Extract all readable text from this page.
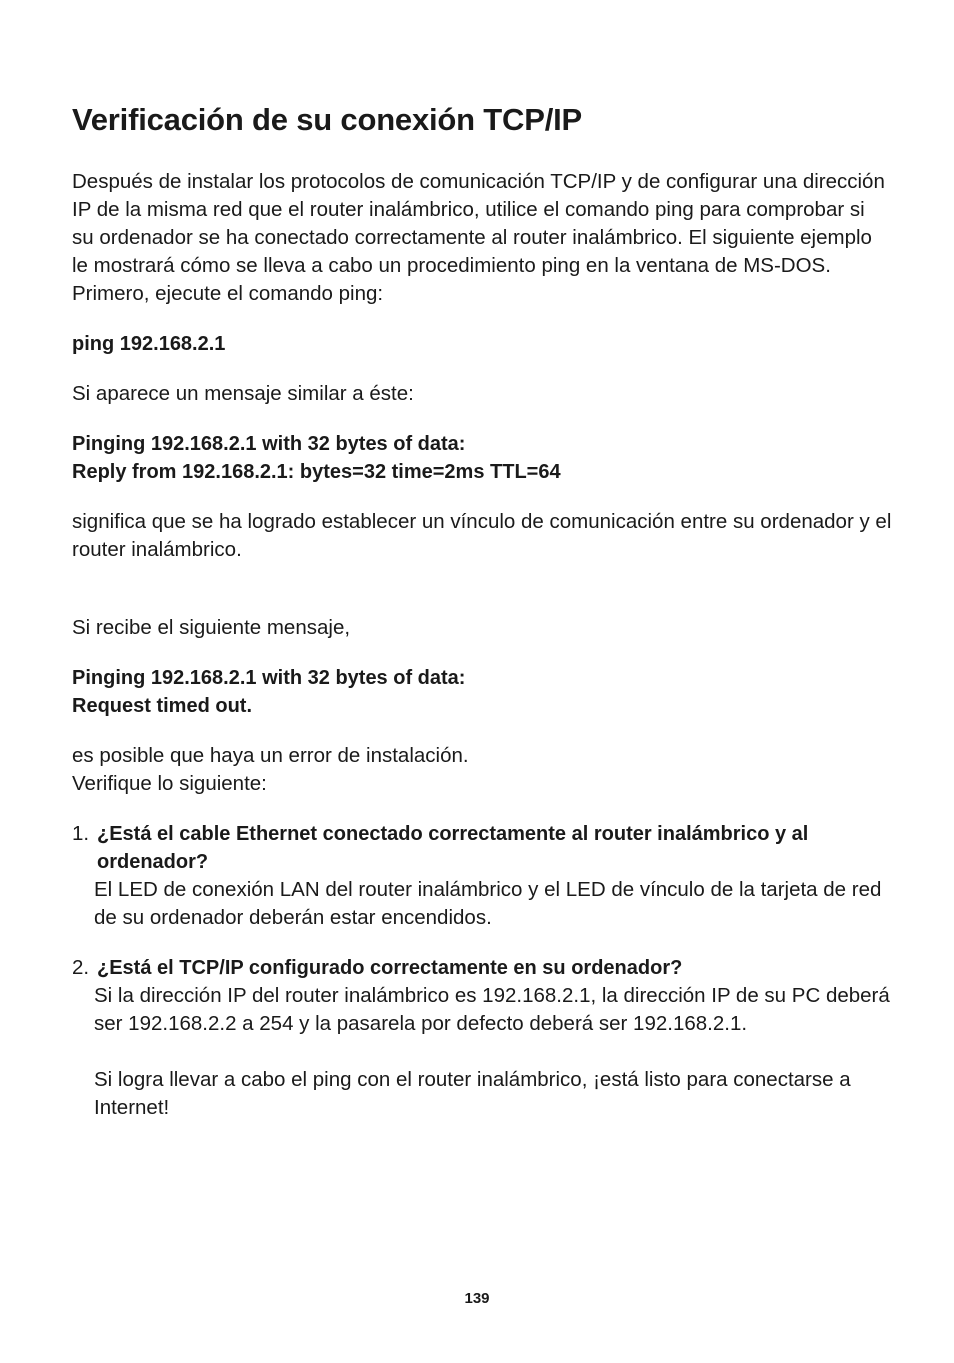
Verificación de su conexión TCP/IP

Después de instalar los protocolos de comunicación TCP/IP y de configurar una dirección IP de la misma red que el router inalámbrico, utilice el comando ping para comprobar si su ordenador se ha conectado correctamente al router inalámbrico. El siguiente ejemplo le mostrará cómo se lleva a cabo un procedimiento ping en la ventana de MS-DOS. Primero, ejecute el comando ping:

ping 192.168.2.1

Si aparece un mensaje similar a éste:

Pinging 192.168.2.1 with 32 bytes of data:
Reply from 192.168.2.1: bytes=32 time=2ms TTL=64

significa que se ha logrado establecer un vínculo de comunicación entre su ordenador y el router inalámbrico.

Si recibe el siguiente mensaje,

Pinging 192.168.2.1 with 32 bytes of data:
Request timed out.

es posible que haya un error de instalación.
Verifique lo siguiente:

1. ¿Está el cable Ethernet conectado correctamente al router inalámbrico y al ordenador?
El LED de conexión LAN del router inalámbrico y el LED de vínculo de la tarjeta de red de su ordenador deberán estar encendidos.
2. ¿Está el TCP/IP configurado correctamente en su ordenador?
Si la dirección IP del router inalámbrico es 192.168.2.1, la dirección IP de su PC deberá ser 192.168.2.2 a 254 y la pasarela por defecto deberá ser 192.168.2.1.

Si logra llevar a cabo el ping con el router inalámbrico, ¡está listo para conectarse a Internet!

139
